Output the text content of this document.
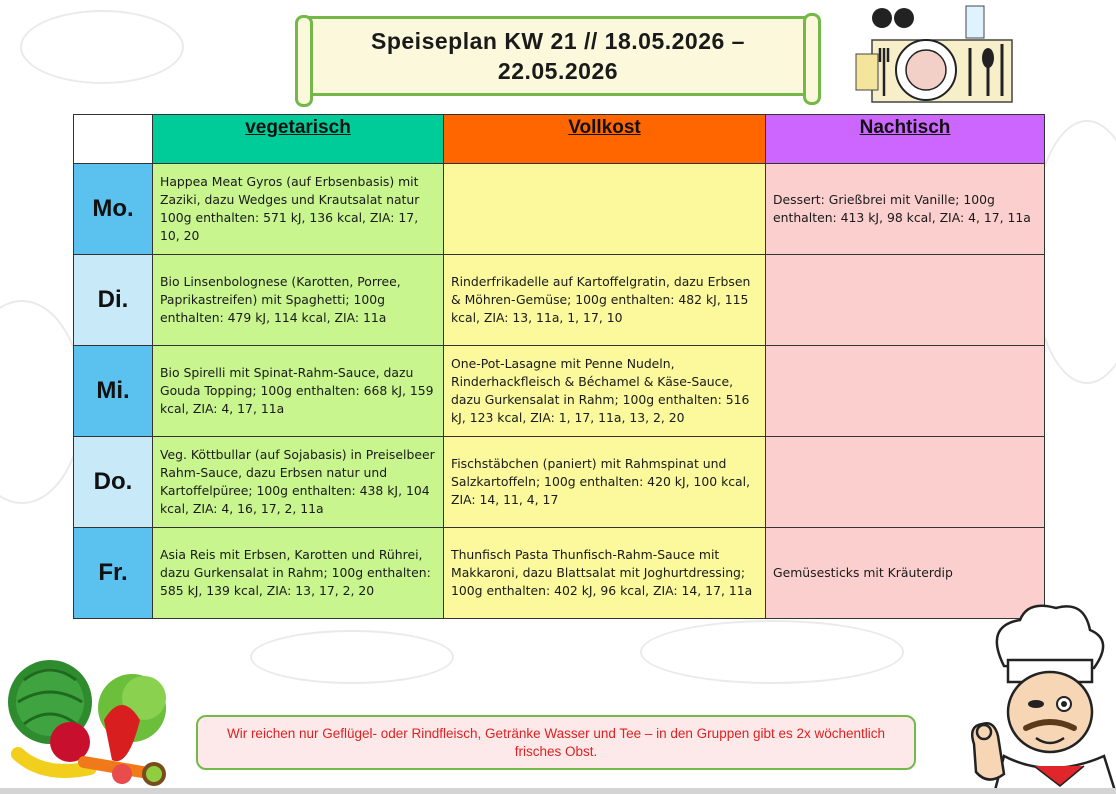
Speiseplan KW 21 // 18.05.2026 –
22.05.2026
	vegetarisch	Vollkost	Nachtisch
Mo.	Happea Meat Gyros (auf Erbsenbasis) mit Zaziki, dazu Wedges und Krautsalat natur 100g enthalten: 571 kJ, 136 kcal, ZIA: 17, 10, 20		Dessert: Grießbrei mit Vanille; 100g enthalten: 413 kJ, 98 kcal, ZIA: 4, 17, 11a

Di.	Bio Linsenbolognese (Karotten, Porree, Paprikastreifen) mit Spaghetti; 100g enthalten: 479 kJ, 114 kcal, ZIA: 11a	Rinderfrikadelle auf Kartoffelgratin, dazu Erbsen & Möhren-Gemüse; 100g enthalten: 482 kJ, 115 kcal, ZIA: 13, 11a, 1, 17, 10	

Mi.	Bio Spirelli mit Spinat-Rahm-Sauce, dazu Gouda Topping; 100g enthalten: 668 kJ, 159 kcal, ZIA: 4, 17, 11a	One-Pot-Lasagne mit Penne Nudeln, Rinderhackfleisch & Béchamel & Käse-Sauce, dazu Gurkensalat in Rahm; 100g enthalten: 516 kJ, 123 kcal, ZIA: 1, 17, 11a, 13, 2, 20	

Do.	Veg. Köttbullar (auf Sojabasis) in Preiselbeer Rahm-Sauce, dazu Erbsen natur und Kartoffelpüree; 100g enthalten: 438 kJ, 104 kcal, ZIA: 4, 16, 17, 2, 11a	Fischstäbchen (paniert) mit Rahmspinat und Salzkartoffeln; 100g enthalten: 420 kJ, 100 kcal, ZIA: 14, 11, 4, 17	

Fr.	Asia Reis mit Erbsen, Karotten und Rührei, dazu Gurkensalat in Rahm; 100g enthalten: 585 kJ, 139 kcal, ZIA: 13, 17, 2, 20	Thunfisch Pasta Thunfisch-Rahm-Sauce mit Makkaroni, dazu Blattsalat mit Joghurtdressing; 100g enthalten: 402 kJ, 96 kcal, ZIA: 14, 17, 11a	Gemüsesticks mit Kräuterdip
Wir reichen nur Geflügel- oder Rindfleisch, Getränke Wasser und Tee – in den Gruppen gibt es 2x wöchentlich frisches Obst.
